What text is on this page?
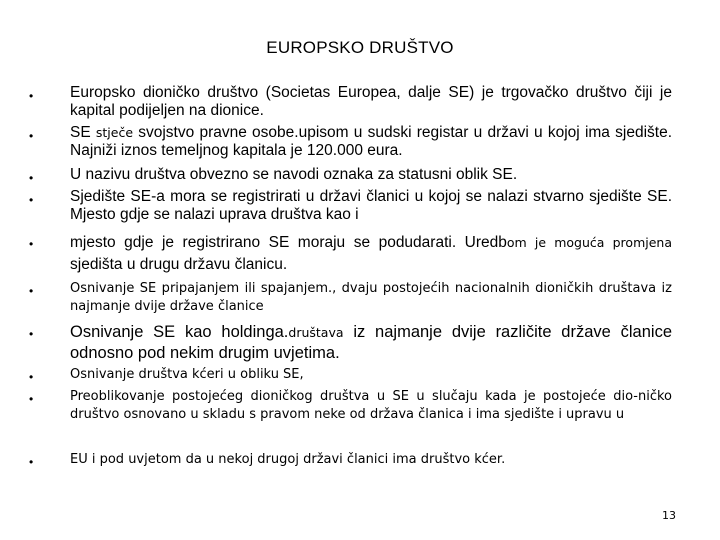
EUROPSKO DRUŠTVO
• Europsko dioničko društvo (Societas Europea, dalje SE) je trgovačko društvo čiji je kapital podijeljen na dionice.
• SE stječe svojstvo pravne osobe.upisom u sudski registar u državi u kojoj ima sjedište. Najniži iznos temeljnog kapitala je 120.000 eura.
• U nazivu društva obvezno se navodi oznaka za statusni oblik SE.
• Sjedište SE-a mora se registrirati u državi članici u kojoj se nalazi stvarno sjedište SE. Mjesto gdje se nalazi uprava društva kao i
• mjesto gdje je registrirano SE moraju se podudarati. Uredbom je moguća promjena sjedišta u drugu državu članicu.
•	Osnivanje SE pripajanjem ili spajanjem., dvaju postojećih nacionalnih dioničkih društava iz najmanje dvije države članice
• Osnivanje SE kao holdinga.društava iz najmanje dvije različite države članice odnosno pod nekim drugim uvjetima.
•	Osnivanje društva kćeri u obliku SE,
•	Preoblikovanje postojećeg dioničkog društva u SE u slučaju kada je postojeće dio-ničko društvo osnovano u skladu s pravom neke od država članica i ima sjedište i upravu u
•	EU i pod uvjetom da u nekoj drugoj državi članici ima društvo kćer.
13
